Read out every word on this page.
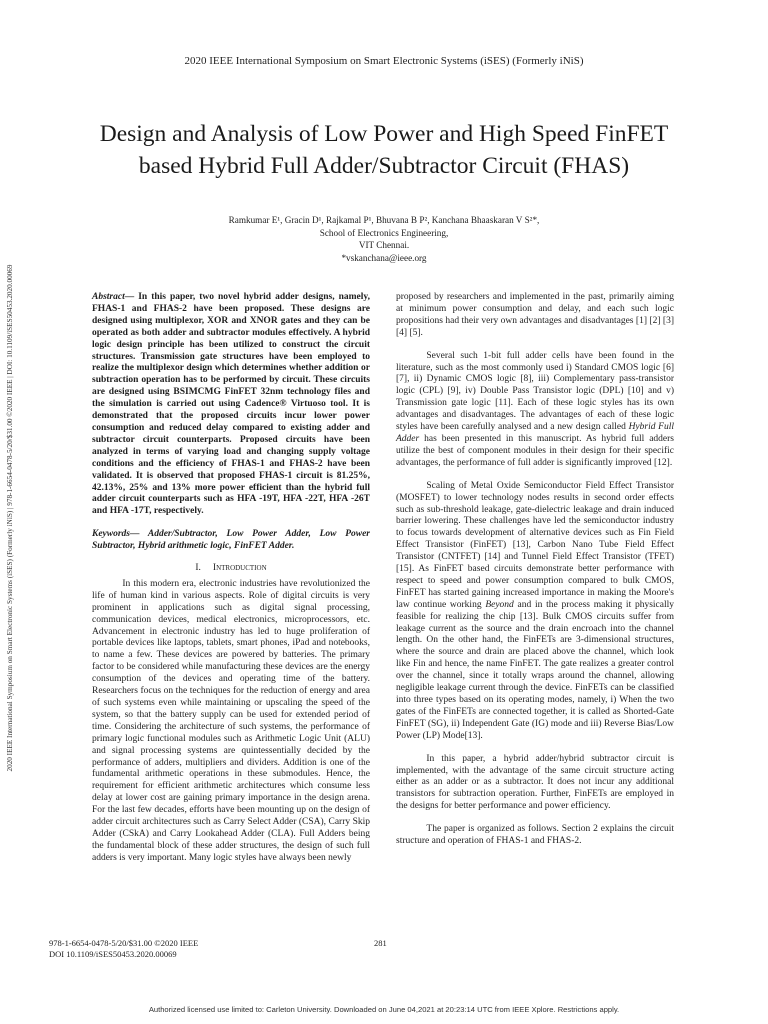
2020 IEEE International Symposium on Smart Electronic Systems (iSES) (Formerly iNiS)
2020 IEEE International Symposium on Smart Electronic Systems (iSES) (Formerly iNiS) | 978-1-6654-0478-5/20/$31.00 ©2020 IEEE | DOI: 10.1109/iSES50453.2020.00069
Design and Analysis of Low Power and High Speed FinFET based Hybrid Full Adder/Subtractor Circuit (FHAS)
Ramkumar E¹, Gracin D¹, Rajkamal P¹, Bhuvana B P², Kanchana Bhaaskaran V S²*,
School of Electronics Engineering,
VIT Chennai.
*vskanchana@ieee.org

Abstract— In this paper, two novel hybrid adder designs, namely, FHAS-1 and FHAS-2 have been proposed. These designs are designed using multiplexor, XOR and XNOR gates and they can be operated as both adder and subtractor modules effectively. A hybrid logic design principle has been utilized to construct the circuit structures. Transmission gate structures have been employed to realize the multiplexor design which determines whether addition or subtraction operation has to be performed by circuit. These circuits are designed using BSIMCMG FinFET 32nm technology files and the simulation is carried out using Cadence® Virtuoso tool. It is demonstrated that the proposed circuits incur lower power consumption and reduced delay compared to existing adder and subtractor circuit counterparts. Proposed circuits have been analyzed in terms of varying load and changing supply voltage conditions and the efficiency of FHAS-1 and FHAS-2 have been validated. It is observed that proposed FHAS-1 circuit is 81.25%, 42.13%, 25% and 13% more power efficient than the hybrid full adder circuit counterparts such as HFA -19T, HFA -22T, HFA -26T and HFA -17T, respectively.

Keywords— Adder/Subtractor, Low Power Adder, Low Power Subtractor, Hybrid arithmetic logic, FinFET Adder.

I. Introduction

In this modern era, electronic industries have revolutionized the life of human kind in various aspects. Role of digital circuits is very prominent in applications such as digital signal processing, communication devices, medical electronics, microprocessors, etc. Advancement in electronic industry has led to huge proliferation of portable devices like laptops, tablets, smart phones, iPad and notebooks, to name a few. These devices are powered by batteries. The primary factor to be considered while manufacturing these devices are the energy consumption of the devices and operating time of the battery. Researchers focus on the techniques for the reduction of energy and area of such systems even while maintaining or upscaling the speed of the system, so that the battery supply can be used for extended period of time. Considering the architecture of such systems, the performance of primary logic functional modules such as Arithmetic Logic Unit (ALU) and signal processing systems are quintessentially decided by the performance of adders, multipliers and dividers. Addition is one of the fundamental arithmetic operations in these submodules. Hence, the requirement for efficient arithmetic architectures which consume less delay at lower cost are gaining primary importance in the design arena. For the last few decades, efforts have been mounting up on the design of adder circuit architectures such as Carry Select Adder (CSA), Carry Skip Adder (CSkA) and Carry Lookahead Adder (CLA). Full Adders being the fundamental block of these adder structures, the design of such full adders is very important. Many logic styles have always been newly

proposed by researchers and implemented in the past, primarily aiming at minimum power consumption and delay, and each such logic propositions had their very own advantages and disadvantages [1] [2] [3] [4] [5].

Several such 1-bit full adder cells have been found in the literature, such as the most commonly used i) Standard CMOS logic [6] [7], ii) Dynamic CMOS logic [8], iii) Complementary pass-transistor logic (CPL) [9], iv) Double Pass Transistor logic (DPL) [10] and v) Transmission gate logic [11]. Each of these logic styles has its own advantages and disadvantages. The advantages of each of these logic styles have been carefully analysed and a new design called Hybrid Full Adder has been presented in this manuscript. As hybrid full adders utilize the best of component modules in their design for their specific advantages, the performance of full adder is significantly improved [12].

Scaling of Metal Oxide Semiconductor Field Effect Transistor (MOSFET) to lower technology nodes results in second order effects such as sub-threshold leakage, gate-dielectric leakage and drain induced barrier lowering. These challenges have led the semiconductor industry to focus towards development of alternative devices such as Fin Field Effect Transistor (FinFET) [13], Carbon Nano Tube Field Effect Transistor (CNTFET) [14] and Tunnel Field Effect Transistor (TFET) [15]. As FinFET based circuits demonstrate better performance with respect to speed and power consumption compared to bulk CMOS, FinFET has started gaining increased importance in making the Moore's law continue working Beyond and in the process making it physically feasible for realizing the chip [13]. Bulk CMOS circuits suffer from leakage current as the source and the drain encroach into the channel length. On the other hand, the FinFETs are 3-dimensional structures, where the source and drain are placed above the channel, which look like Fin and hence, the name FinFET. The gate realizes a greater control over the channel, since it totally wraps around the channel, allowing negligible leakage current through the device. FinFETs can be classified into three types based on its operating modes, namely, i) When the two gates of the FinFETs are connected together, it is called as Shorted-Gate FinFET (SG), ii) Independent Gate (IG) mode and iii) Reverse Bias/Low Power (LP) Mode[13].

In this paper, a hybrid adder/hybrid subtractor circuit is implemented, with the advantage of the same circuit structure acting either as an adder or as a subtractor. It does not incur any additional transistors for subtraction operation. Further, FinFETs are employed in the designs for better performance and power efficiency.

The paper is organized as follows. Section 2 explains the circuit structure and operation of FHAS-1 and FHAS-2.

978-1-6654-0478-5/20/$31.00 ©2020 IEEE
DOI 10.1109/iSES50453.2020.00069
281
Authorized licensed use limited to: Carleton University. Downloaded on June 04,2021 at 20:23:14 UTC from IEEE Xplore. Restrictions apply.
